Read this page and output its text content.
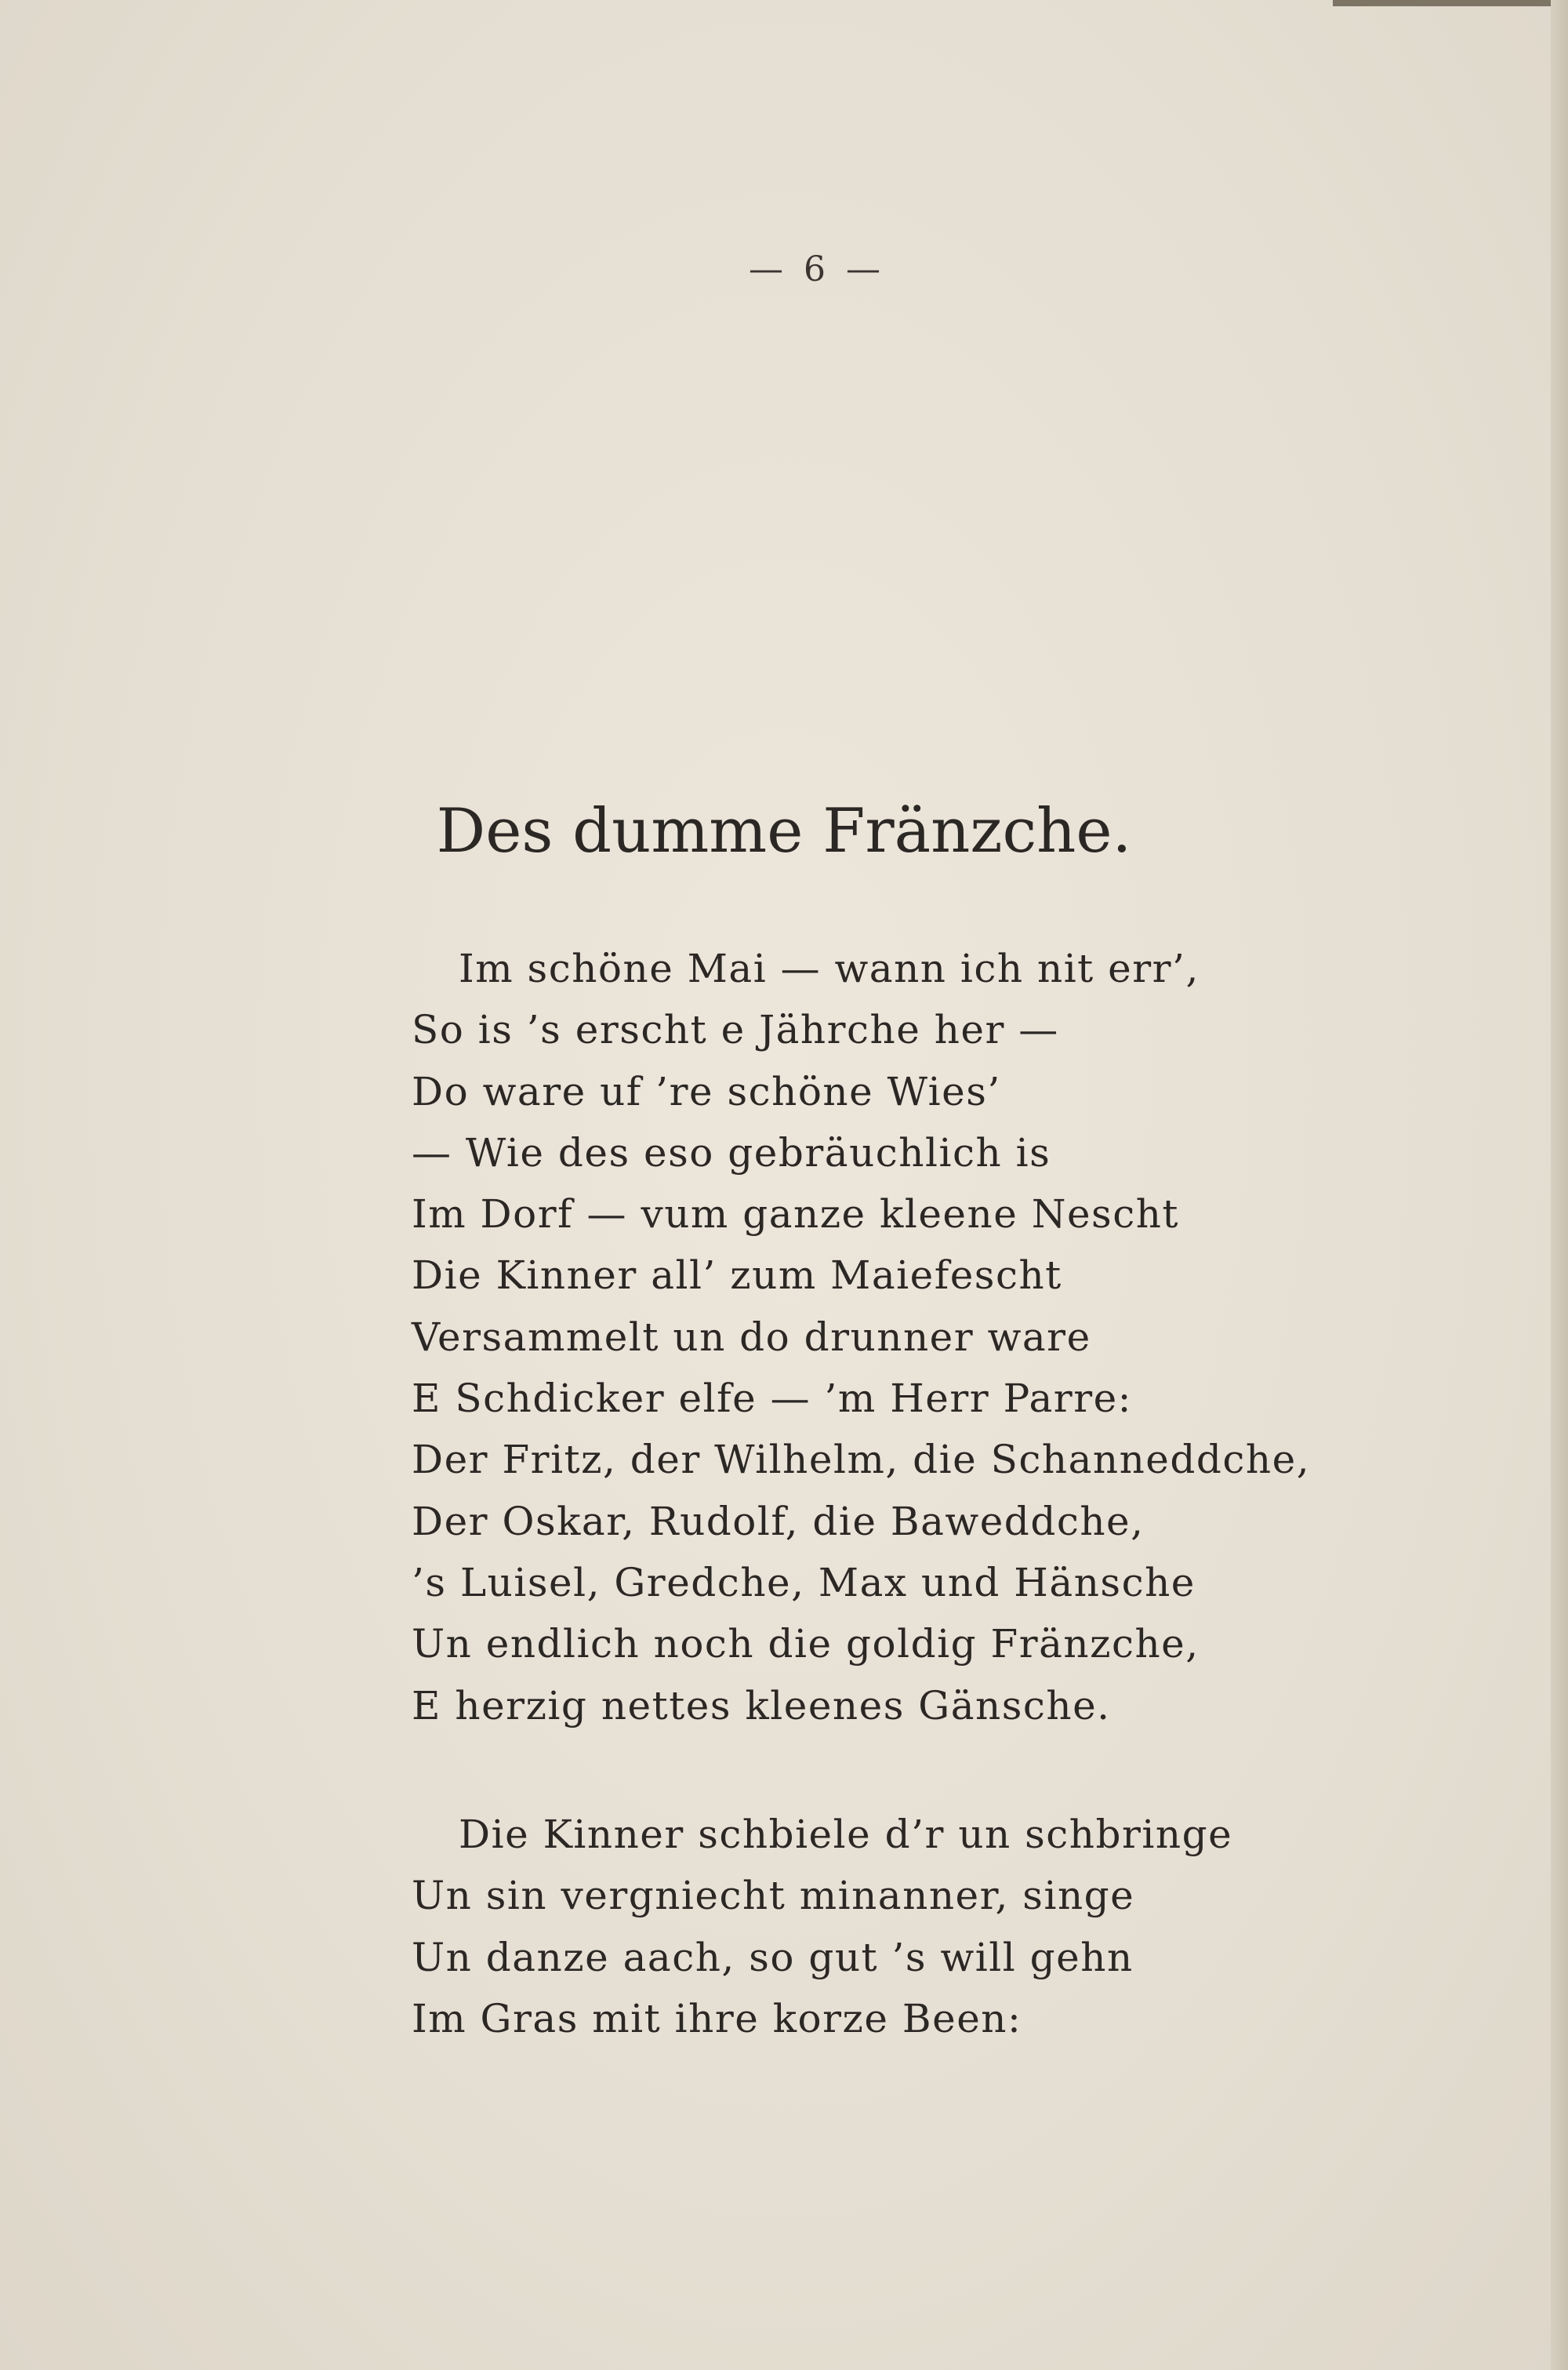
— 6 —
Des dumme Fränzche.
Im schöne Mai — wann ich nit err’,
So is ’s erscht e Jährche her —
Do ware uf ’re schöne Wies’
— Wie des eso gebräuchlich is
Im Dorf — vum ganze kleene Nescht
Die Kinner all’ zum Maiefescht
Versammelt un do drunner ware
E Schdicker elfe — ’m Herr Parre:
Der Fritz, der Wilhelm, die Schanneddche,
Der Oskar, Rudolf, die Baweddche,
’s Luisel, Gredche, Max und Hänsche
Un endlich noch die goldig Fränzche,
E herzig nettes kleenes Gänsche.
Die Kinner schbiele d’r un schbringe
Un sin vergniecht minanner, singe
Un danze aach, so gut ’s will gehn
Im Gras mit ihre korze Been:
